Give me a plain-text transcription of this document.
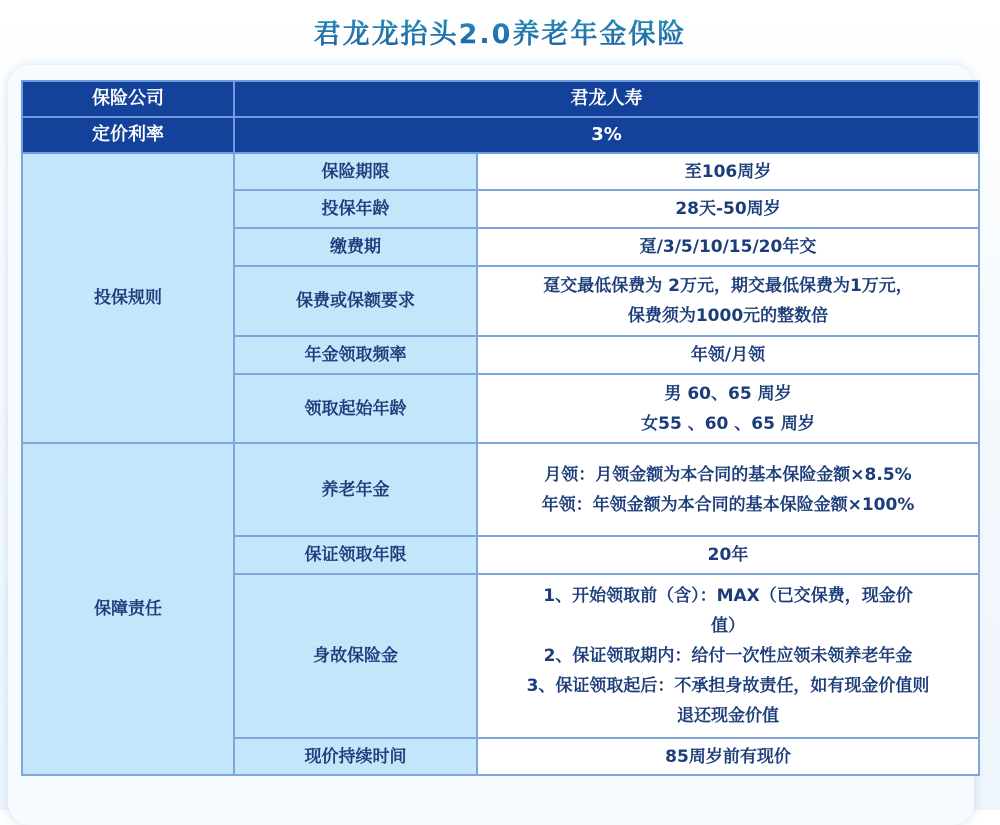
君龙龙抬头2.0养老年金保险
保险公司	君龙人寿	
定价利率	3%	
投保规则	保险期限	至106周岁

	投保年龄	28天-50周岁

	缴费期	趸/3/5/10/15/20年交

	保费或保额要求	趸交最低保费为 2万元，期交最低保费为1万元，
保费须为1000元的整数倍

	年金领取频率	年领/月领

	领取起始年龄	男 60、65 周岁
女55 、60 、65 周岁

保障责任	养老年金	月领：月领金额为本合同的基本保险金额×8.5%
年领：年领金额为本合同的基本保险金额×100%

	保证领取年限	20年

	身故保险金	1、开始领取前（含）：MAX（已交保费，现金价
值）
2、保证领取期内：给付一次性应领未领养老年金
3、保证领取起后：不承担身故责任，如有现金价值则
退还现金价值

	现价持续时间	85周岁前有现价
